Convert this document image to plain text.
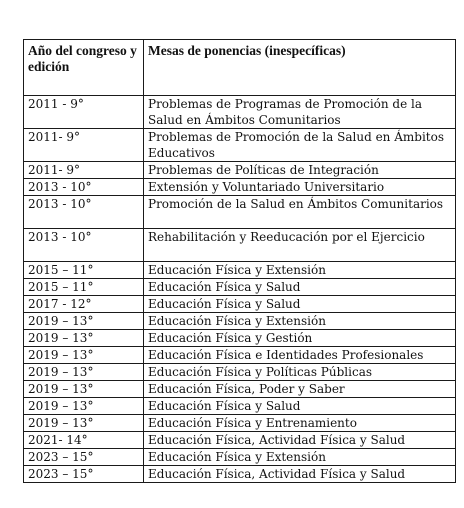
Año del congreso y edición	Mesas de ponencias (inespecíficas)
2011 - 9°	Problemas de Programas de Promoción de la Salud en Ámbitos Comunitarios
2011- 9°	Problemas de Promoción de la Salud en Ámbitos Educativos
2011- 9°	Problemas de Políticas de Integración
2013 - 10°	Extensión y Voluntariado Universitario
2013 - 10°	Promoción de la Salud en Ámbitos Comunitarios
2013 - 10°	Rehabilitación y Reeducación por el Ejercicio
2015 – 11°	Educación Física y Extensión
2015 – 11°	Educación Física y Salud
2017 - 12°	Educación Física y Salud
2019 – 13°	Educación Física y Extensión
2019 – 13°	Educación Física y Gestión
2019 – 13°	Educación Física e Identidades Profesionales
2019 – 13°	Educación Física y Políticas Públicas
2019 – 13°	Educación Física, Poder y Saber
2019 – 13°	Educación Física y Salud
2019 – 13°	Educación Física y Entrenamiento
2021- 14°	Educación Física, Actividad Física y Salud
2023 – 15°	Educación Física y Extensión
2023 – 15°	Educación Física, Actividad Física y Salud
